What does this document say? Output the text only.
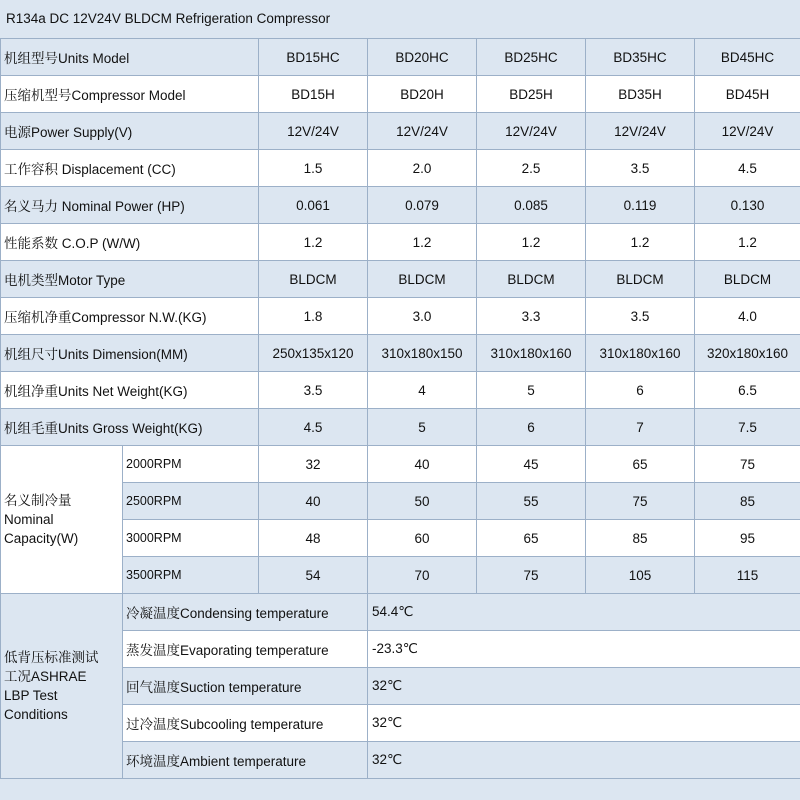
R134a DC 12V24V BLDCM Refrigeration Compressor
机组型号Units Model		BD15HC	BD20HC	BD25HC	BD35HC	BD45HC
压缩机型号Compressor Model		BD15H	BD20H	BD25H	BD35H	BD45H
电源Power Supply(V)		12V/24V	12V/24V	12V/24V	12V/24V	12V/24V
工作容积 Displacement (CC)		1.5	2.0	2.5	3.5	4.5
名义马力 Nominal Power (HP)		0.061	0.079	0.085	0.119	0.130
性能系数 C.O.P (W/W)		1.2	1.2	1.2	1.2	1.2
电机类型Motor Type		BLDCM	BLDCM	BLDCM	BLDCM	BLDCM
压缩机净重Compressor N.W.(KG)		1.8	3.0	3.3	3.5	4.0
机组尺寸Units Dimension(MM)		250x135x120	310x180x150	310x180x160	310x180x160	320x180x160
机组净重Units Net Weight(KG)		3.5	4	5	6	6.5
机组毛重Units Gross Weight(KG)		4.5	5	6	7	7.5

名义制冷量
Nominal
Capacity(W)	2000RPM	32	40	45	65	75
	2500RPM	40	50	55	75	85
	3000RPM	48	60	65	85	95
	3500RPM	54	70	75	105	115

低背压标准测试
工况ASHRAE
LBP Test
Conditions	冷凝温度Condensing temperature		54.4℃			
	蒸发温度Evaporating temperature		-23.3℃			
	回气温度Suction temperature		32℃			
	过冷温度Subcooling temperature		32℃			
	环境温度Ambient temperature		32℃			
